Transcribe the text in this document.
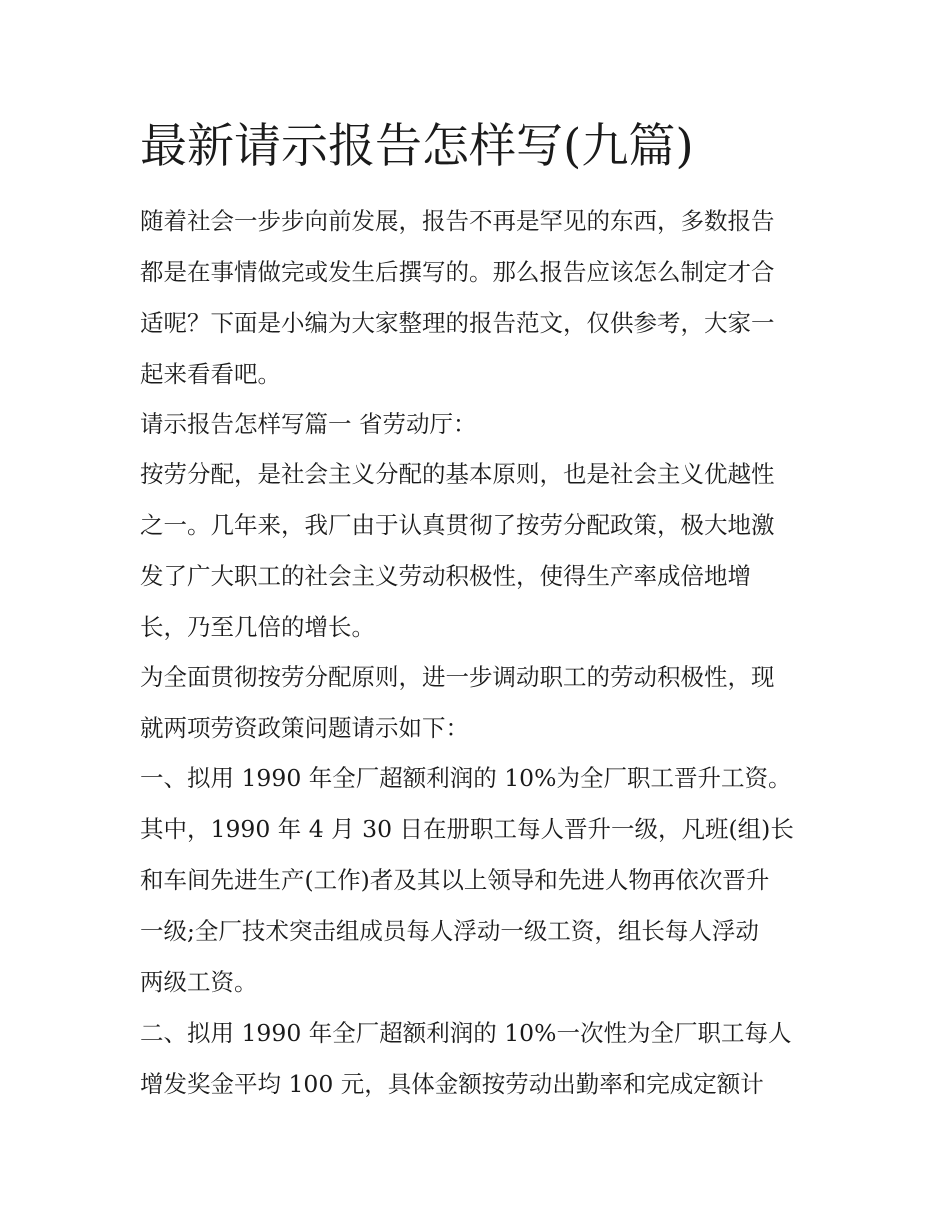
最新请示报告怎样写(九篇)
随着社会一步步向前发展，报告不再是罕见的东西，多数报告
都是在事情做完或发生后撰写的。那么报告应该怎么制定才合
适呢？下面是小编为大家整理的报告范文，仅供参考，大家一
起来看看吧。
请示报告怎样写篇一 省劳动厅：
按劳分配，是社会主义分配的基本原则，也是社会主义优越性
之一。几年来，我厂由于认真贯彻了按劳分配政策，极大地激
发了广大职工的社会主义劳动积极性，使得生产率成倍地增
长，乃至几倍的增长。
为全面贯彻按劳分配原则，进一步调动职工的劳动积极性，现
就两项劳资政策问题请示如下：
一、拟用 1990 年全厂超额利润的 10%为全厂职工晋升工资。
其中，1990 年 4 月 30 日在册职工每人晋升一级，凡班(组)长
和车间先进生产(工作)者及其以上领导和先进人物再依次晋升
一级;全厂技术突击组成员每人浮动一级工资，组长每人浮动
两级工资。
二、拟用 1990 年全厂超额利润的 10%一次性为全厂职工每人
增发奖金平均 100 元，具体金额按劳动出勤率和完成定额计
